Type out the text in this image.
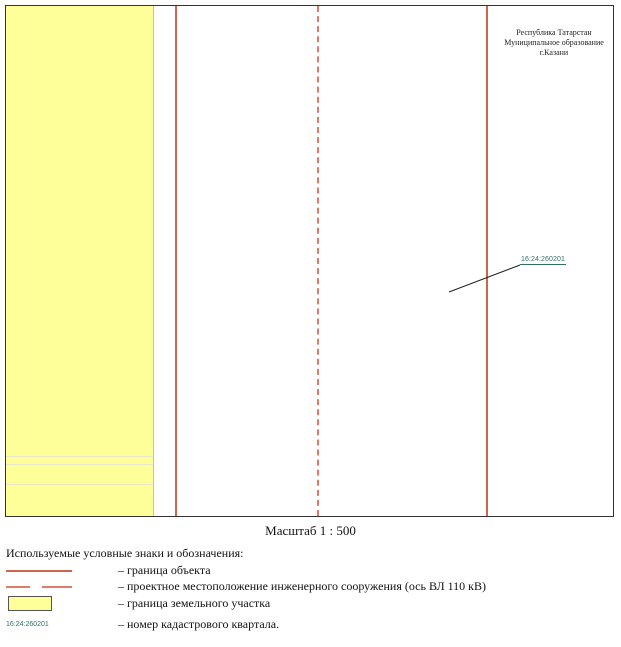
Республика Татарстан
Муниципальное образование
г.Казани
16:24:260201
Масштаб 1 : 500
Используемые условные знаки и обозначения:
– граница объекта
– проектное местоположение инженерного сооружения (ось ВЛ 110 кВ)
– граница земельного участка
16:24:260201	– номер кадастрового квартала.
